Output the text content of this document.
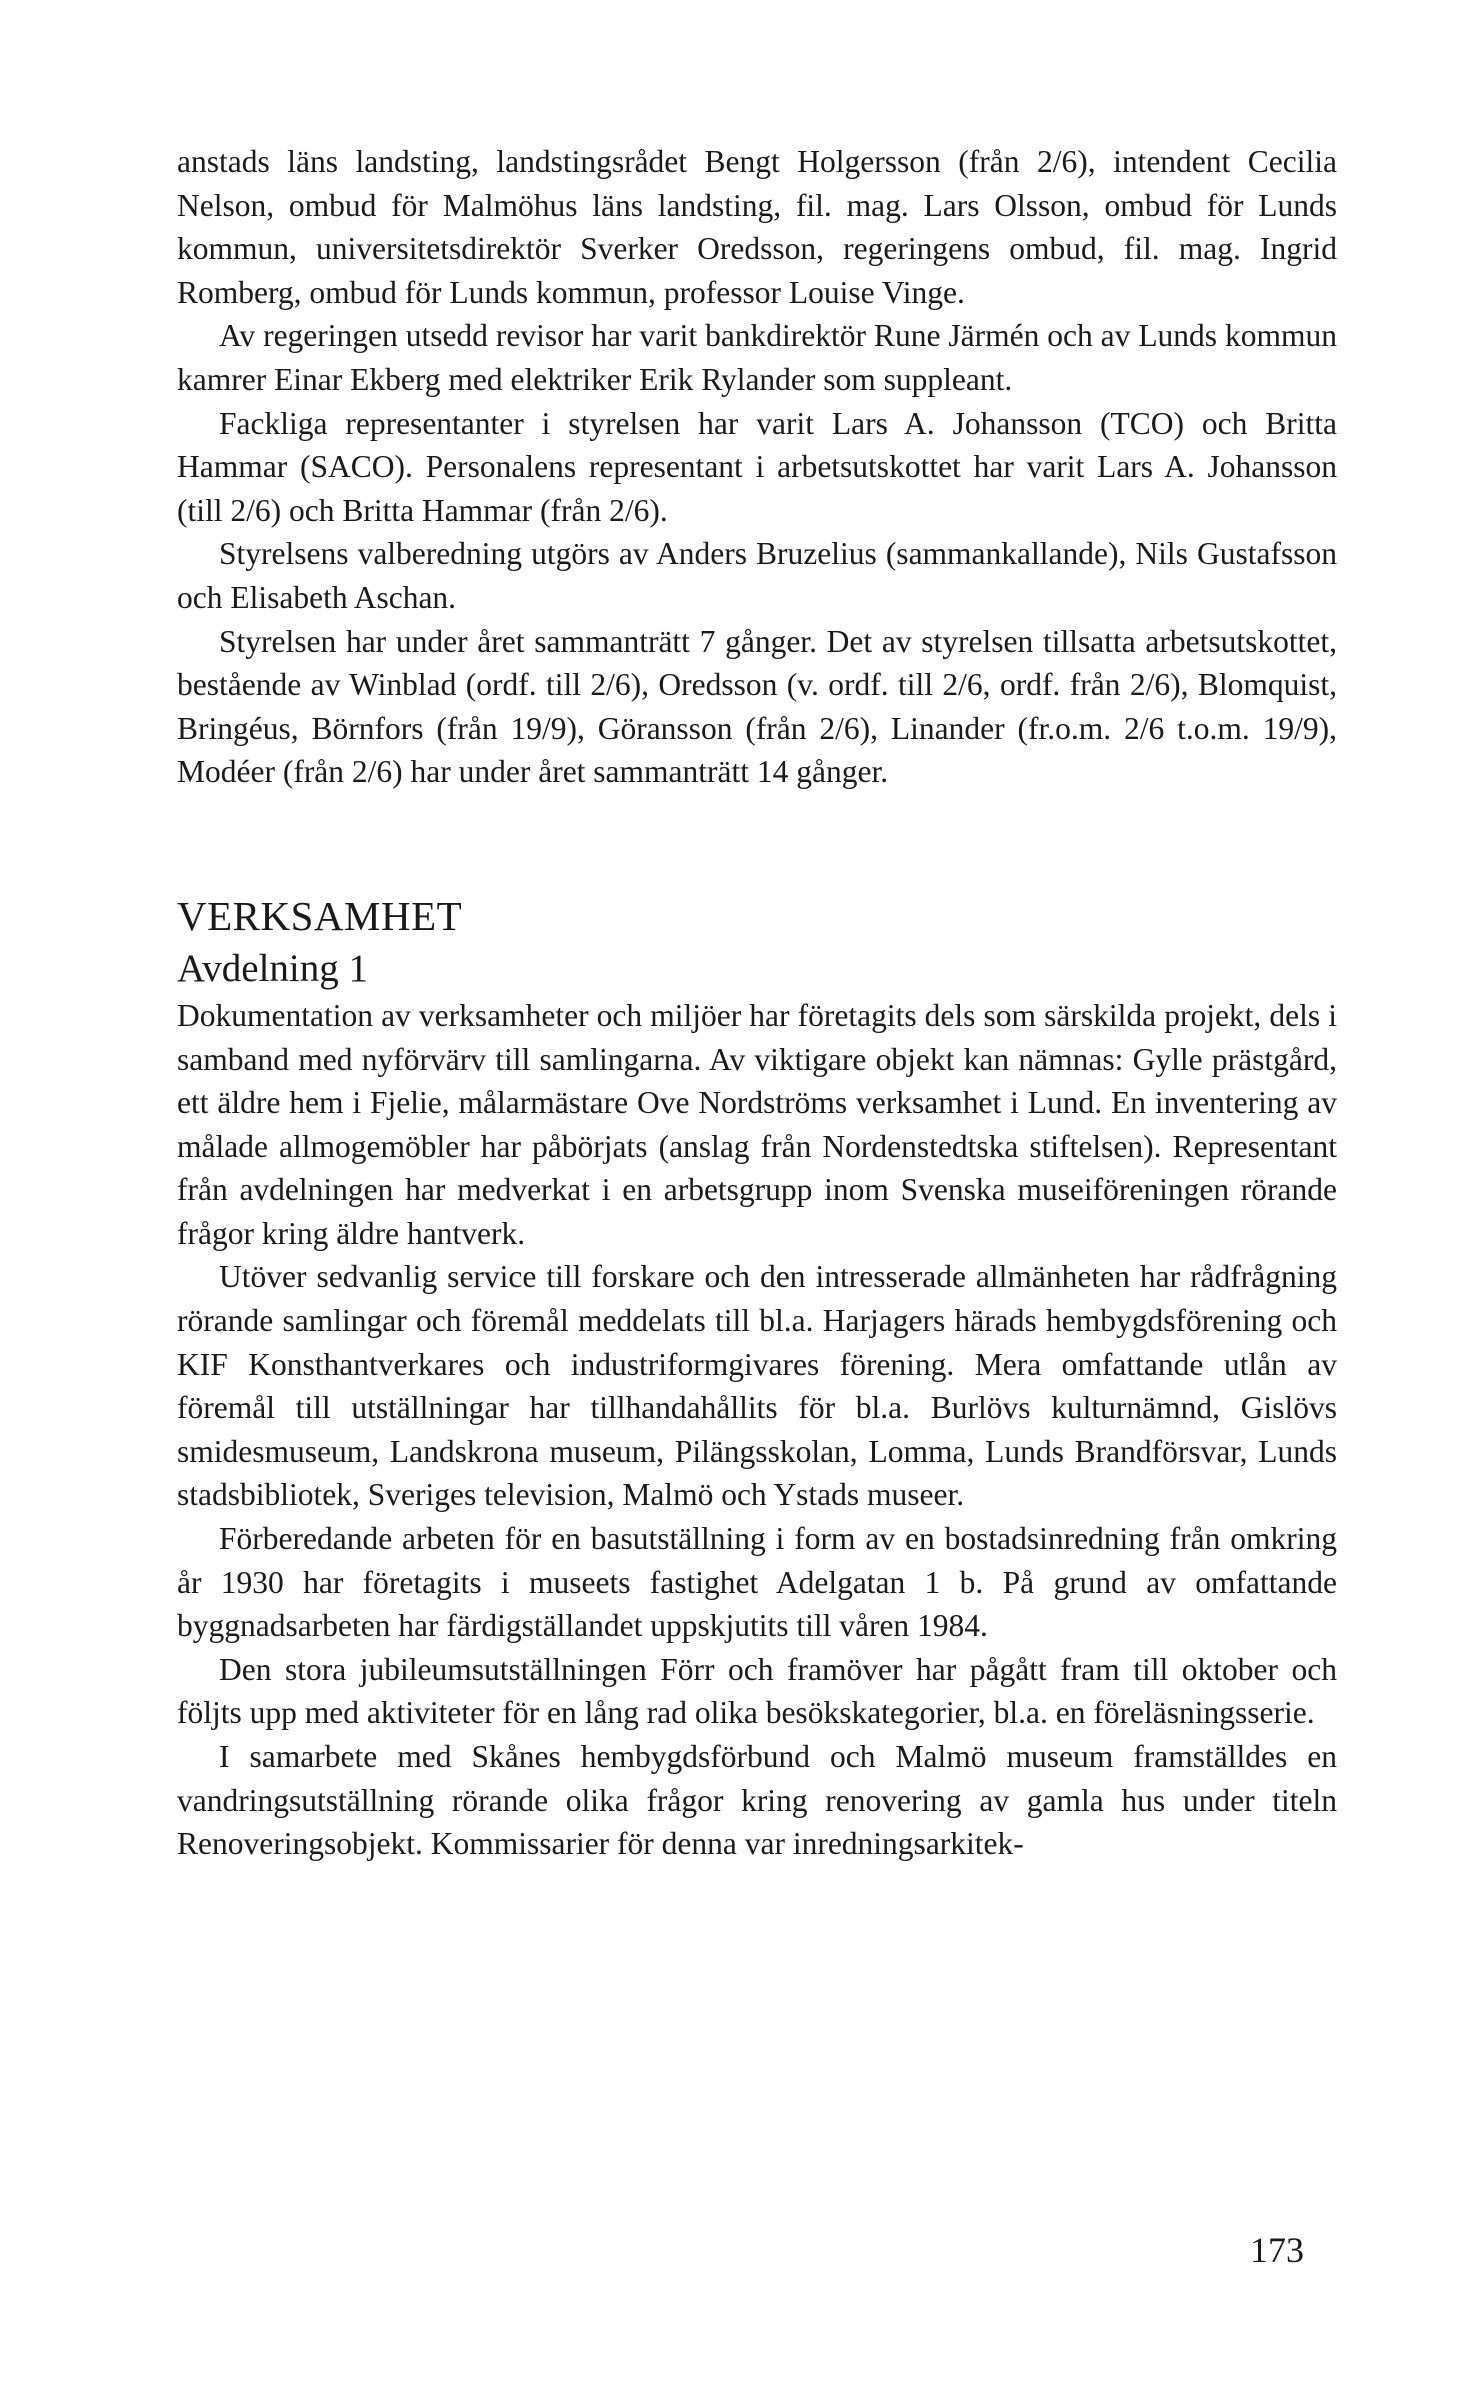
anstads läns landsting, landstingsrådet Bengt Holgersson (från 2/6), intendent Cecilia Nelson, ombud för Malmöhus läns landsting, fil. mag. Lars Olsson, ombud för Lunds kommun, universitetsdirektör Sverker Oredsson, regeringens ombud, fil. mag. Ingrid Romberg, ombud för Lunds kommun, professor Louise Vinge.

Av regeringen utsedd revisor har varit bankdirektör Rune Järmén och av Lunds kommun kamrer Einar Ekberg med elektriker Erik Rylander som suppleant.

Fackliga representanter i styrelsen har varit Lars A. Johansson (TCO) och Britta Hammar (SACO). Personalens representant i arbetsutskottet har varit Lars A. Johansson (till 2/6) och Britta Hammar (från 2/6).

Styrelsens valberedning utgörs av Anders Bruzelius (sammankallande), Nils Gustafsson och Elisabeth Aschan.

Styrelsen har under året sammanträtt 7 gånger. Det av styrelsen tillsatta arbetsutskottet, bestående av Winblad (ordf. till 2/6), Oredsson (v. ordf. till 2/6, ordf. från 2/6), Blomquist, Bringéus, Börnfors (från 19/9), Göransson (från 2/6), Linander (fr.o.m. 2/6 t.o.m. 19/9), Modéer (från 2/6) har under året sammanträtt 14 gånger.

VERKSAMHET
Avdelning 1

Dokumentation av verksamheter och miljöer har företagits dels som särskilda projekt, dels i samband med nyförvärv till samlingarna. Av viktigare objekt kan nämnas: Gylle prästgård, ett äldre hem i Fjelie, målarmästare Ove Nordströms verksamhet i Lund. En inventering av målade allmogemöbler har påbörjats (anslag från Nordenstedtska stiftelsen). Representant från avdelningen har medverkat i en arbetsgrupp inom Svenska museiföreningen rörande frågor kring äldre hantverk.

Utöver sedvanlig service till forskare och den intresserade allmänheten har rådfrågning rörande samlingar och föremål meddelats till bl.a. Harjagers härads hembygdsförening och KIF Konsthantverkares och industriformgivares förening. Mera omfattande utlån av föremål till utställningar har tillhandahållits för bl.a. Burlövs kulturnämnd, Gislövs smidesmuseum, Landskrona museum, Pilängsskolan, Lomma, Lunds Brandförsvar, Lunds stadsbibliotek, Sveriges television, Malmö och Ystads museer.

Förberedande arbeten för en basutställning i form av en bostadsinredning från omkring år 1930 har företagits i museets fastighet Adelgatan 1 b. På grund av omfattande byggnadsarbeten har färdigställandet uppskjutits till våren 1984.

Den stora jubileumsutställningen Förr och framöver har pågått fram till oktober och följts upp med aktiviteter för en lång rad olika besökskategorier, bl.a. en föreläsningsserie.

I samarbete med Skånes hembygdsförbund och Malmö museum framställdes en vandringsutställning rörande olika frågor kring renovering av gamla hus under titeln Renoveringsobjekt. Kommissarier för denna var inredningsarkitek-

173
